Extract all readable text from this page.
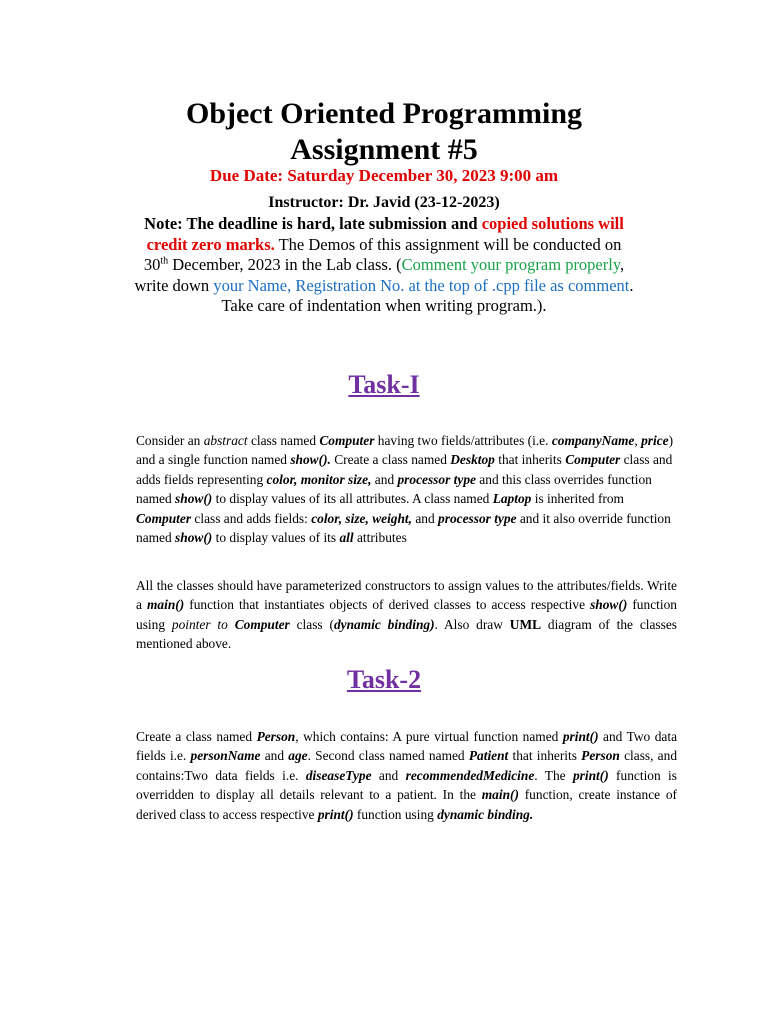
Object Oriented Programming
Assignment #5
Due Date: Saturday December 30, 2023 9:00 am
Instructor: Dr. Javid (23-12-2023)

Note: The deadline is hard, late submission and copied solutions will credit zero marks. The Demos of this assignment will be conducted on 30th December, 2023 in the Lab class. (Comment your program properly, write down your Name, Registration No. at the top of .cpp file as comment. Take care of indentation when writing program.).

Task-I

Consider an abstract class named Computer having two fields/attributes (i.e. companyName, price) and a single function named show(). Create a class named Desktop that inherits Computer class and adds fields representing color, monitor size, and processor type and this class overrides function named show() to display values of its all attributes. A class named Laptop is inherited from Computer class and adds fields: color, size, weight, and processor type and it also override function named show() to display values of its all attributes

All the classes should have parameterized constructors to assign values to the attributes/fields. Write a main() function that instantiates objects of derived classes to access respective show() function using pointer to Computer class (dynamic binding). Also draw UML diagram of the classes mentioned above.

Task-2

Create a class named Person, which contains: A pure virtual function named print() and Two data fields i.e. personName and age. Second class named named Patient that inherits Person class, and contains:Two data fields i.e. diseaseType and recommendedMedicine. The print() function is overridden to display all details relevant to a patient. In the main() function, create instance of derived class to access respective print() function using dynamic binding.
